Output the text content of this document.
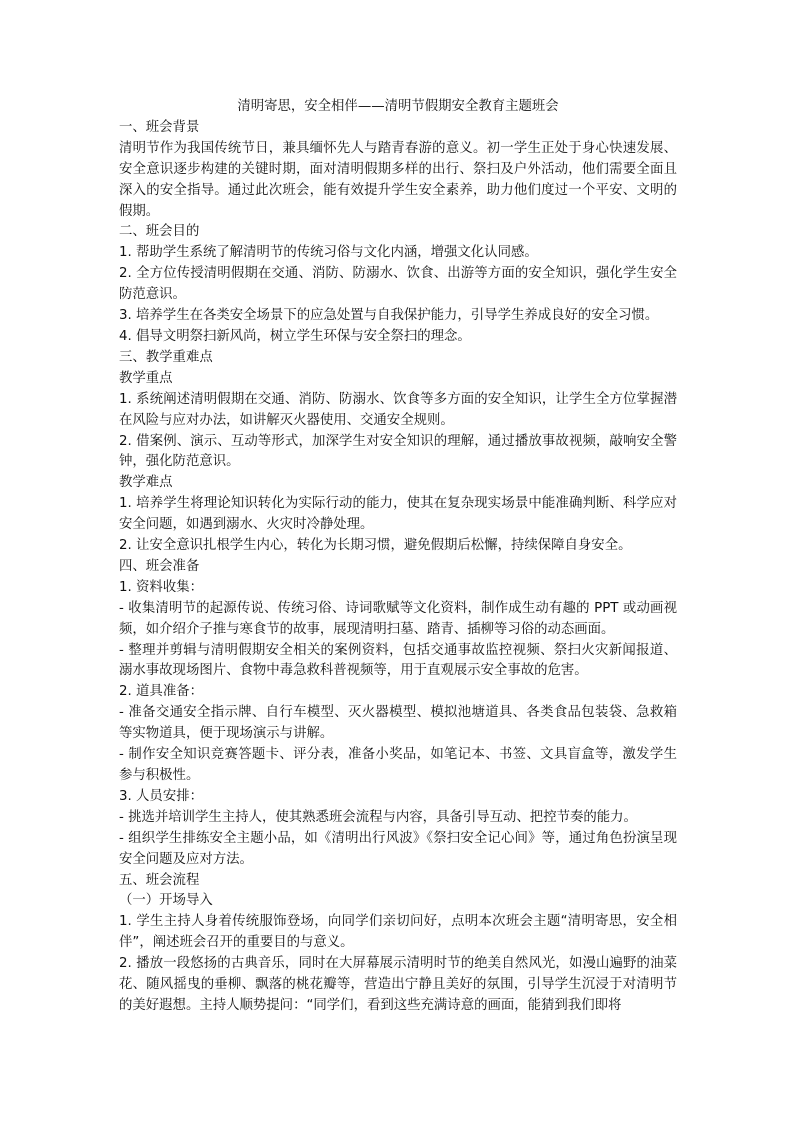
清明寄思，安全相伴——清明节假期安全教育主题班会

一、班会背景

清明节作为我国传统节日，兼具缅怀先人与踏青春游的意义。初一学生正处于身心快速发展、安全意识逐步构建的关键时期，面对清明假期多样的出行、祭扫及户外活动，他们需要全面且深入的安全指导。通过此次班会，能有效提升学生安全素养，助力他们度过一个平安、文明的假期。

二、班会目的

1. 帮助学生系统了解清明节的传统习俗与文化内涵，增强文化认同感。

2. 全方位传授清明假期在交通、消防、防溺水、饮食、出游等方面的安全知识，强化学生安全防范意识。

3. 培养学生在各类安全场景下的应急处置与自我保护能力，引导学生养成良好的安全习惯。

4. 倡导文明祭扫新风尚，树立学生环保与安全祭扫的理念。

三、教学重难点

教学重点

1. 系统阐述清明假期在交通、消防、防溺水、饮食等多方面的安全知识，让学生全方位掌握潜在风险与应对办法，如讲解灭火器使用、交通安全规则。

2. 借案例、演示、互动等形式，加深学生对安全知识的理解，通过播放事故视频，敲响安全警钟，强化防范意识。

教学难点

1. 培养学生将理论知识转化为实际行动的能力，使其在复杂现实场景中能准确判断、科学应对安全问题，如遇到溺水、火灾时冷静处理。

2. 让安全意识扎根学生内心，转化为长期习惯，避免假期后松懈，持续保障自身安全。

四、班会准备

1. 资料收集：

- 收集清明节的起源传说、传统习俗、诗词歌赋等文化资料，制作成生动有趣的 PPT 或动画视频，如介绍介子推与寒食节的故事，展现清明扫墓、踏青、插柳等习俗的动态画面。

- 整理并剪辑与清明假期安全相关的案例资料，包括交通事故监控视频、祭扫火灾新闻报道、溺水事故现场图片、食物中毒急救科普视频等，用于直观展示安全事故的危害。

2. 道具准备：

- 准备交通安全指示牌、自行车模型、灭火器模型、模拟池塘道具、各类食品包装袋、急救箱等实物道具，便于现场演示与讲解。

- 制作安全知识竞赛答题卡、评分表，准备小奖品，如笔记本、书签、文具盲盒等，激发学生参与积极性。

3. 人员安排：

- 挑选并培训学生主持人，使其熟悉班会流程与内容，具备引导互动、把控节奏的能力。

- 组织学生排练安全主题小品，如《清明出行风波》《祭扫安全记心间》等，通过角色扮演呈现安全问题及应对方法。

五、班会流程

（一）开场导入

1. 学生主持人身着传统服饰登场，向同学们亲切问好，点明本次班会主题“清明寄思，安全相伴”，阐述班会召开的重要目的与意义。

2. 播放一段悠扬的古典音乐，同时在大屏幕展示清明时节的绝美自然风光，如漫山遍野的油菜花、随风摇曳的垂柳、飘落的桃花瓣等，营造出宁静且美好的氛围，引导学生沉浸于对清明节的美好遐想。主持人顺势提问：“同学们，看到这些充满诗意的画面，能猜到我们即将
